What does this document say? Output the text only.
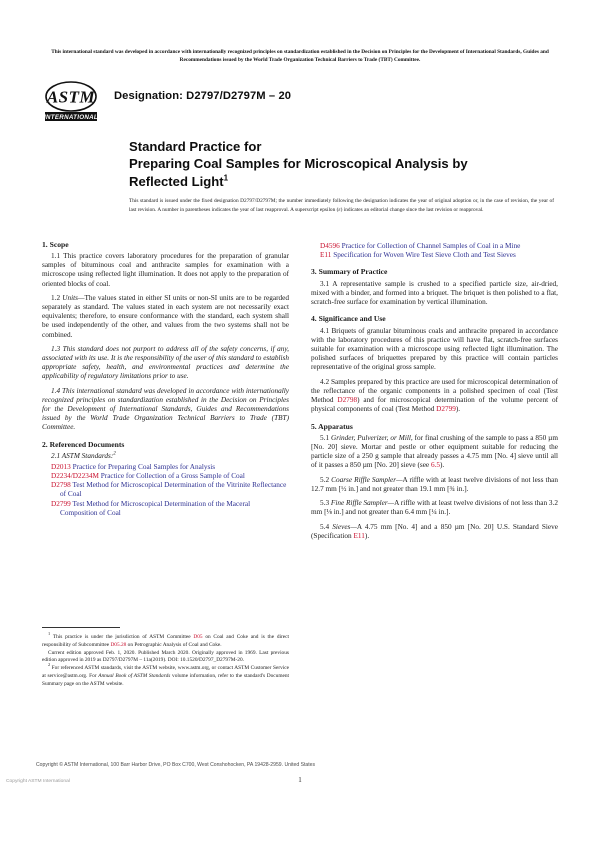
This international standard was developed in accordance with internationally recognized principles on standardization established in the Decision on Principles for the Development of International Standards, Guides and Recommendations issued by the World Trade Organization Technical Barriers to Trade (TBT) Committee.
ASTM
INTERNATIONAL
Designation: D2797/D2797M – 20
Standard Practice for
Preparing Coal Samples for Microscopical Analysis by
Reflected Light$^1$
This standard is issued under the fixed designation D2797/D2797M; the number immediately following the designation indicates the year of original adoption or, in the case of revision, the year of last revision. A number in parentheses indicates the year of last reapproval. A superscript epsilon (ε) indicates an editorial change since the last revision or reapproval.
1. Scope

1.1 This practice covers laboratory procedures for the preparation of granular samples of bituminous coal and anthracite samples for examination with a microscope using reflected light illumination. It does not apply to the preparation of oriented blocks of coal.

1.2 Units—The values stated in either SI units or non-SI units are to be regarded separately as standard. The values stated in each system are not necessarily exact equivalents; therefore, to ensure conformance with the standard, each system shall be used independently of the other, and values from the two systems shall not be combined.

1.3 This standard does not purport to address all of the safety concerns, if any, associated with its use. It is the responsibility of the user of this standard to establish appropriate safety, health, and environmental practices and determine the applicability of regulatory limitations prior to use.

1.4 This international standard was developed in accordance with internationally recognized principles on standardization established in the Decision on Principles for the Development of International Standards, Guides and Recommendations issued by the World Trade Organization Technical Barriers to Trade (TBT) Committee.

2. Referenced Documents

2.1 ASTM Standards:$^2$

D2013 Practice for Preparing Coal Samples for Analysis
D2234/D2234M Practice for Collection of a Gross Sample of Coal
D2798 Test Method for Microscopical Determination of the Vitrinite Reflectance of Coal
D2799 Test Method for Microscopical Determination of the Maceral Composition of Coal
D4596 Practice for Collection of Channel Samples of Coal in a Mine
E11 Specification for Woven Wire Test Sieve Cloth and Test Sieves
3. Summary of Practice

3.1 A representative sample is crushed to a specified particle size, air-dried, mixed with a binder, and formed into a briquet. The briquet is then polished to a flat, scratch-free surface for examination by vertical illumination.

4. Significance and Use

4.1 Briquets of granular bituminous coals and anthracite prepared in accordance with the laboratory procedures of this practice will have flat, scratch-free surfaces suitable for examination with a microscope using reflected light illumination. The polished surfaces of briquettes prepared by this practice will contain particles representative of the original gross sample.

4.2 Samples prepared by this practice are used for microscopical determination of the reflectance of the organic components in a polished specimen of coal (Test Method D2798) and for microscopical determination of the volume percent of physical components of coal (Test Method D2799).

5. Apparatus

5.1 Grinder, Pulverizer, or Mill, for final crushing of the sample to pass a 850 µm [No. 20] sieve. Mortar and pestle or other equipment suitable for reducing the particle size of a 250 g sample that already passes a 4.75 mm [No. 4] sieve until all of it passes a 850 µm [No. 20] sieve (see 6.5).

5.2 Coarse Riffle Sampler—A riffle with at least twelve divisions of not less than 12.7 mm [½ in.] and not greater than 19.1 mm [¾ in.].

5.3 Fine Riffle Sampler—A riffle with at least twelve divisions of not less than 3.2 mm [⅛ in.] and not greater than 6.4 mm [¼ in.].

5.4 Sieves—A 4.75 mm [No. 4] and a 850 µm [No. 20] U.S. Standard Sieve (Specification E11).

$^1$ This practice is under the jurisdiction of ASTM Committee D05 on Coal and Coke and is the direct responsibility of Subcommittee D05.28 on Petrographic Analysis of Coal and Coke.

Current edition approved Feb. 1, 2020. Published March 2020. Originally approved in 1969. Last previous edition approved in 2019 as D2797/D2797M – 11a(2019). DOI: 10.1520/D2797_D2797M-20.

$^2$ For referenced ASTM standards, visit the ASTM website, www.astm.org, or contact ASTM Customer Service at service@astm.org. For Annual Book of ASTM Standards volume information, refer to the standard's Document Summary page on the ASTM website.

Copyright © ASTM International, 100 Barr Harbor Drive, PO Box C700, West Conshohocken, PA 19428-2959. United States
Copyright ASTM International	1
